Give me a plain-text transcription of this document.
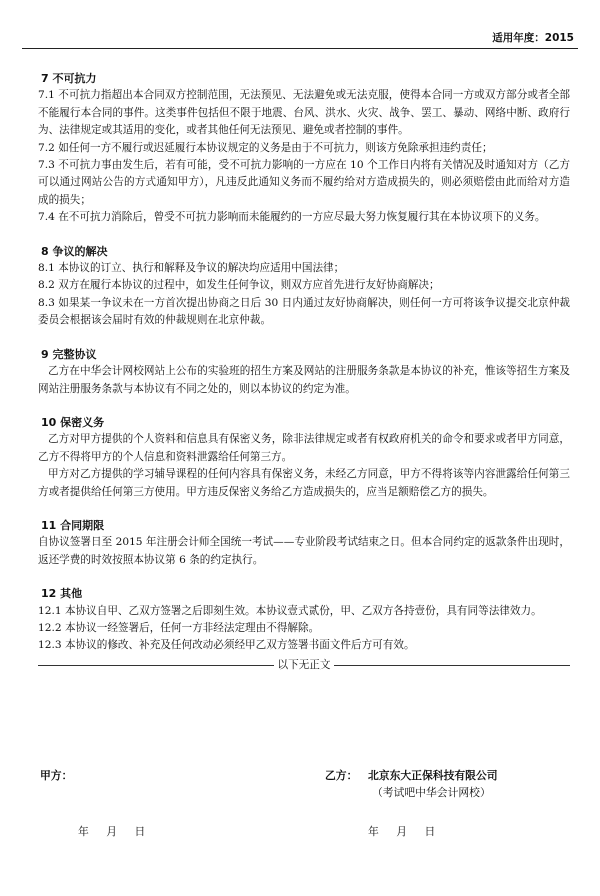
适用年度：2015
7 不可抗力

7.1 不可抗力指超出本合同双方控制范围，无法预见、无法避免或无法克服，使得本合同一方或双方部分或者全部不能履行本合同的事件。这类事件包括但不限于地震、台风、洪水、火灾、战争、罢工、暴动、网络中断、政府行为、法律规定或其适用的变化，或者其他任何无法预见、避免或者控制的事件。

7.2 如任何一方不履行或迟延履行本协议规定的义务是由于不可抗力，则该方免除承担违约责任；

7.3 不可抗力事由发生后，若有可能，受不可抗力影响的一方应在 10 个工作日内将有关情况及时通知对方（乙方可以通过网站公告的方式通知甲方），凡违反此通知义务而不履约给对方造成损失的，则必须赔偿由此而给对方造成的损失；

7.4 在不可抗力消除后，曾受不可抗力影响而未能履约的一方应尽最大努力恢复履行其在本协议项下的义务。

8 争议的解决

8.1 本协议的订立、执行和解释及争议的解决均应适用中国法律；

8.2 双方在履行本协议的过程中，如发生任何争议，则双方应首先进行友好协商解决；

8.3 如果某一争议未在一方首次提出协商之日后 30 日内通过友好协商解决，则任何一方可将该争议提交北京仲裁委员会根据该会届时有效的仲裁规则在北京仲裁。

9 完整协议

乙方在中华会计网校网站上公布的实验班的招生方案及网站的注册服务条款是本协议的补充，惟该等招生方案及网站注册服务条款与本协议有不同之处的，则以本协议的约定为准。

10 保密义务

乙方对甲方提供的个人资料和信息具有保密义务，除非法律规定或者有权政府机关的命令和要求或者甲方同意，乙方不得将甲方的个人信息和资料泄露给任何第三方。

甲方对乙方提供的学习辅导课程的任何内容具有保密义务，未经乙方同意，甲方不得将该等内容泄露给任何第三方或者提供给任何第三方使用。甲方违反保密义务给乙方造成损失的，应当足额赔偿乙方的损失。

11 合同期限

自协议签署日至 2015 年注册会计师全国统一考试——专业阶段考试结束之日。但本合同约定的返款条件出现时，返还学费的时效按照本协议第 6 条的约定执行。

12 其他

12.1 本协议自甲、乙双方签署之后即刻生效。本协议壹式贰份，甲、乙双方各持壹份，具有同等法律效力。

12.2 本协议一经签署后，任何一方非经法定理由不得解除。

12.3 本协议的修改、补充及任何改动必须经甲乙双方签署书面文件后方可有效。

以下无正文
甲方：	乙方： 北京东大正保科技有限公司
（考试吧中华会计网校）
年 月 日	年 月 日
